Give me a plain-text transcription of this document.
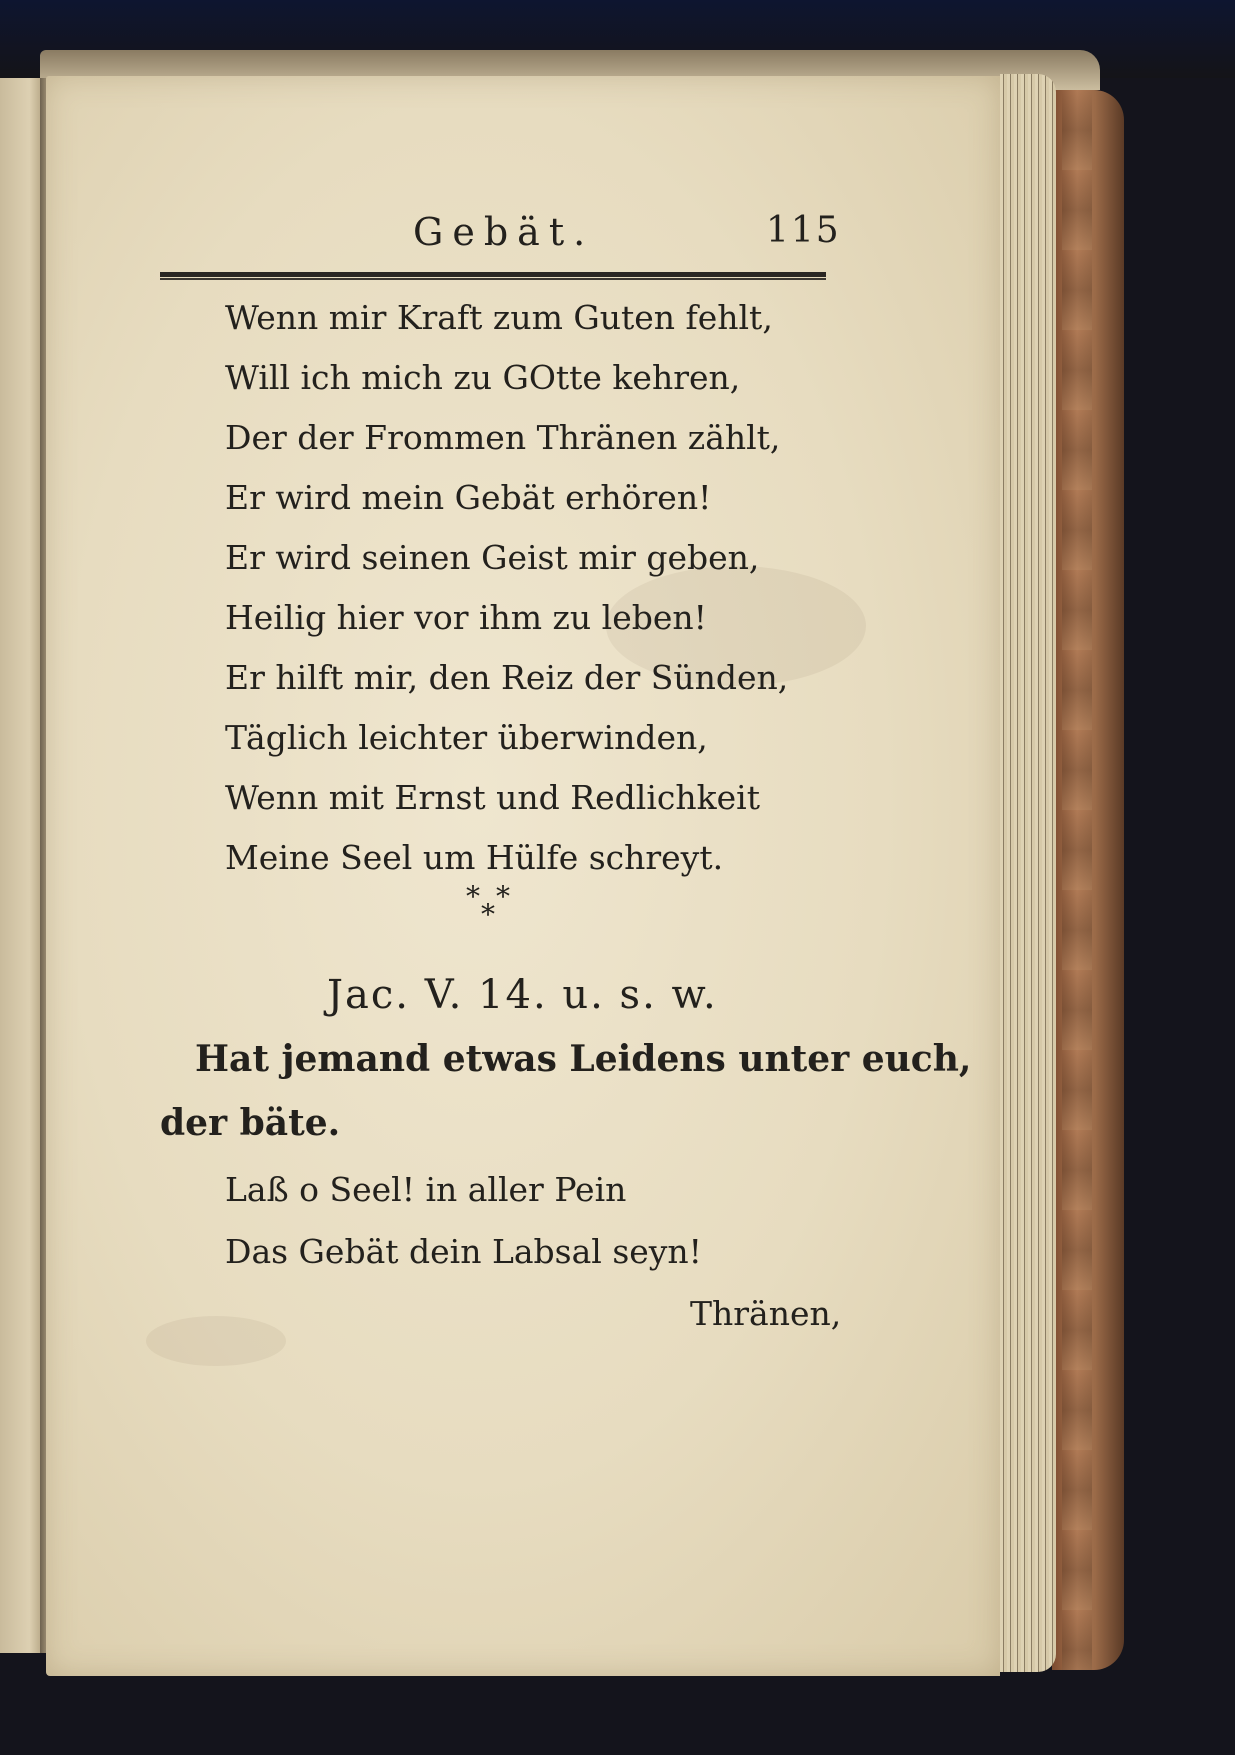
Gebät.	115
Wenn mir Kraft zum Guten fehlt,
Will ich mich zu GOtte kehren,
Der der Frommen Thränen zählt,
Er wird mein Gebät erhören!
Er wird seinen Geist mir geben,
Heilig hier vor ihm zu leben!
Er hilft mir, den Reiz der Sünden,
Täglich leichter überwinden,
Wenn mit Ernst und Redlichkeit
Meine Seel um Hülfe schreyt.
* *
*
Jac. V. 14. u. s. w.
Hat jemand etwas Leidens unter euch,
der bäte.
Laß o Seel! in aller Pein
Das Gebät dein Labsal seyn!
Thränen,
